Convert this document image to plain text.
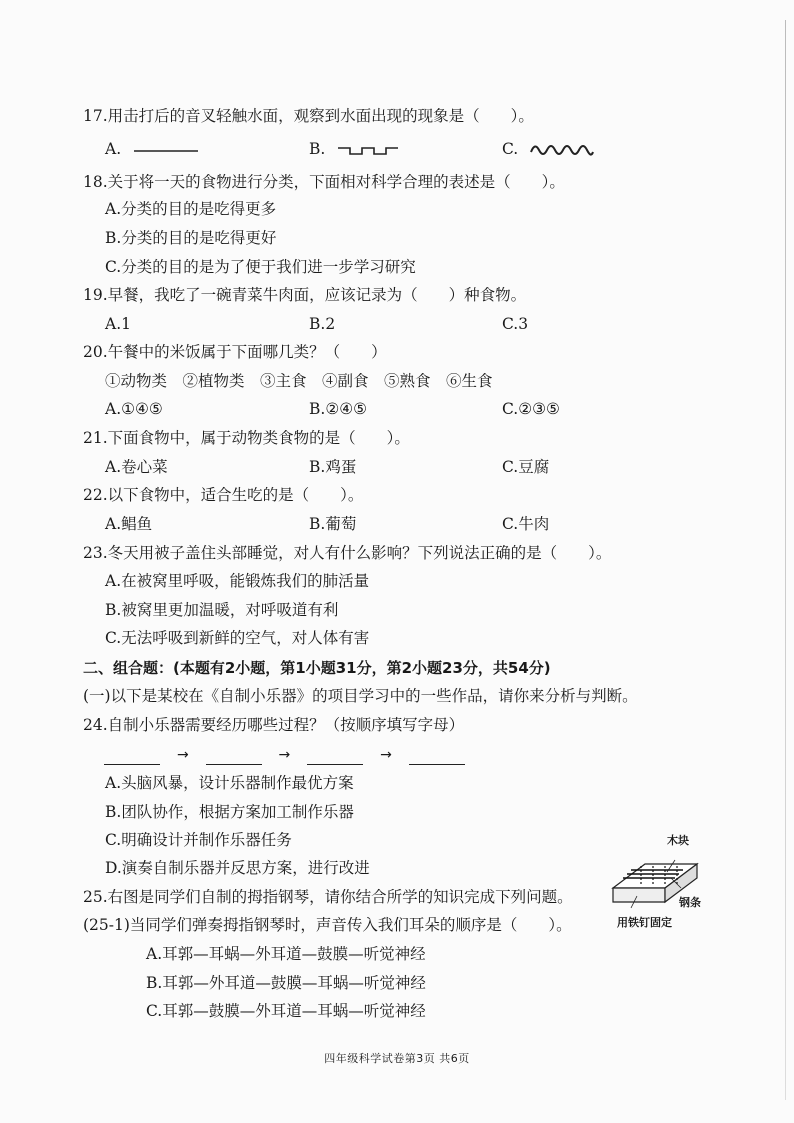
17.用击打后的音叉轻触水面，观察到水面出现的现象是（　　）。
A.	B.	C.
18.关于将一天的食物进行分类，下面相对科学合理的表述是（　　）。
A.分类的目的是吃得更多
B.分类的目的是吃得更好
C.分类的目的是为了便于我们进一步学习研究
19.早餐，我吃了一碗青菜牛肉面，应该记录为（　　）种食物。
A.1	B.2	C.3
20.午餐中的米饭属于下面哪几类？（　　）
①动物类　②植物类　③主食　④副食　⑤熟食　⑥生食
A.①④⑤	B.②④⑤	C.②③⑤
21.下面食物中，属于动物类食物的是（　　）。
A.卷心菜	B.鸡蛋	C.豆腐
22.以下食物中，适合生吃的是（　　）。
A.鲳鱼	B.葡萄	C.牛肉
23.冬天用被子盖住头部睡觉，对人有什么影响？下列说法正确的是（　　）。
A.在被窝里呼吸，能锻炼我们的肺活量
B.被窝里更加温暖，对呼吸道有利
C.无法呼吸到新鲜的空气，对人体有害
二、组合题：(本题有2小题，第1小题31分，第2小题23分，共54分)
(一)以下是某校在《自制小乐器》的项目学习中的一些作品，请你来分析与判断。
24.自制小乐器需要经历哪些过程？（按顺序填写字母）
→	→	→
A.头脑风暴，设计乐器制作最优方案
B.团队协作，根据方案加工制作乐器
C.明确设计并制作乐器任务
D.演奏自制乐器并反思方案，进行改进
25.右图是同学们自制的拇指钢琴，请你结合所学的知识完成下列问题。
(25-1)当同学们弹奏拇指钢琴时，声音传入我们耳朵的顺序是（　　）。
A.耳郭—耳蜗—外耳道—鼓膜—听觉神经
B.耳郭—外耳道—鼓膜—耳蜗—听觉神经
C.耳郭—鼓膜—外耳道—耳蜗—听觉神经
木块
钢条
用铁钉固定
四年级科学试卷第3页 共6页
